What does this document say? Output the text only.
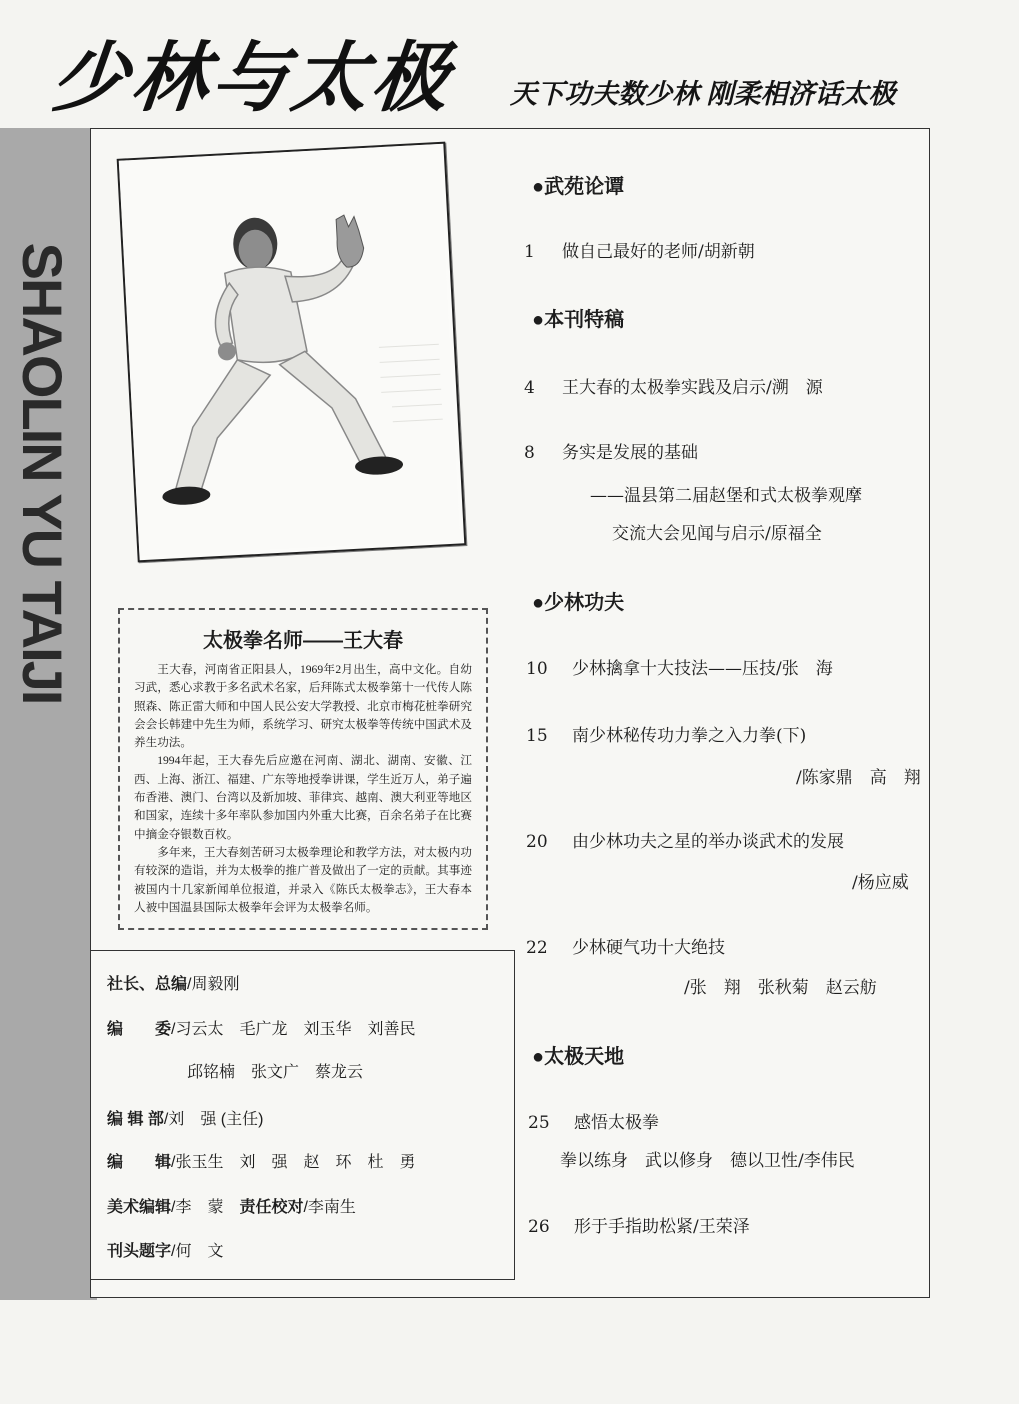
少林与太极	天下功夫数少林 刚柔相济话太极
SHAOLIN YU TAIJI	太极拳名师——王大春

王大春，河南省正阳县人，1969年2月出生，高中文化。自幼习武，悉心求教于多名武术名家，后拜陈式太极拳第十一代传人陈照森、陈正雷大师和中国人民公安大学教授、北京市梅花桩拳研究会会长韩建中先生为师，系统学习、研究太极拳等传统中国武术及养生功法。

1994年起，王大春先后应邀在河南、湖北、湖南、安徽、江西、上海、浙江、福建、广东等地授拳讲课，学生近万人，弟子遍布香港、澳门、台湾以及新加坡、菲律宾、越南、澳大利亚等地区和国家，连续十多年率队参加国内外重大比赛，百余名弟子在比赛中摘金夺银数百枚。

多年来，王大春刻苦研习太极拳理论和教学方法，对太极内功有较深的造诣，并为太极拳的推广普及做出了一定的贡献。其事迹被国内十几家新闻单位报道，并录入《陈氏太极拳志》，王大春本人被中国温县国际太极拳年会评为太极拳名师。

社长、总编/周毅刚
编　　委/习云太　毛广龙　刘玉华　刘善民
邱铭楠　张文广　蔡龙云
编 辑 部/刘　强 (主任)
编　　辑/张玉生　刘　强　赵　环　杜　勇
美术编辑/李　蒙　责任校对/李南生
刊头题字/何　文
●武苑论谭
●本刊特稿
●少林功夫
●太极天地
1 做自己最好的老师/胡新朝
4 王大春的太极拳实践及启示/溯　源
8 务实是发展的基础
——温县第二届赵堡和式太极拳观摩
交流大会见闻与启示/原福全
10 少林擒拿十大技法——压技/张　海
15 南少林秘传功力拳之入力拳(下)
/陈家鼎　高　翔
20 由少林功夫之星的举办谈武术的发展
/杨应威
22 少林硬气功十大绝技
/张　翔　张秋菊　赵云舫
25 感悟太极拳
拳以练身　武以修身　德以卫性/李伟民
26 形于手指助松紧/王荣泽
